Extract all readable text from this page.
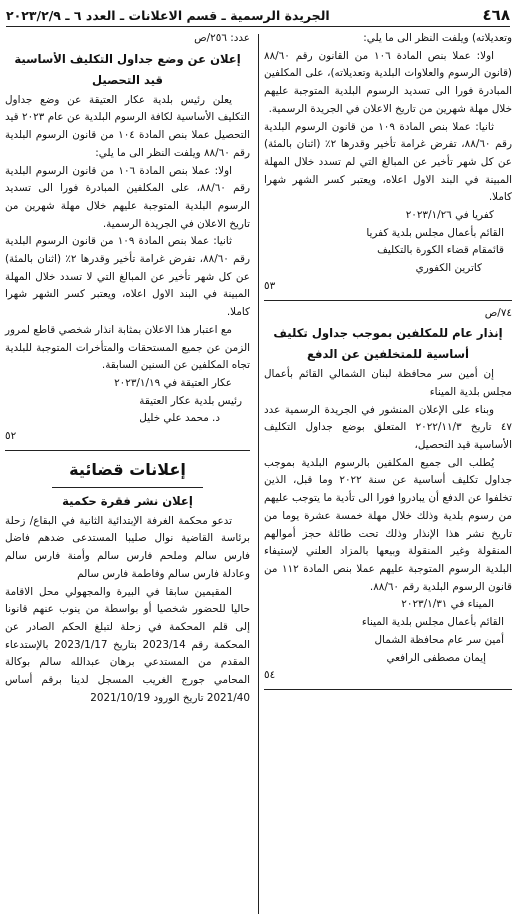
٤٦٨
الجريدة الرسمية ـ قسم الاعلانات ـ العدد ٦ ـ ٢٠٢٣/٢/٩

وتعديلاته) ويلفت النظر الى ما يلي:

اولا: عملا بنص المادة ١٠٦ من القانون رقم ٨٨/٦٠ (قانون الرسوم والعلاوات البلدية وتعديلاته)، على المكلفين المبادرة فورا الى تسديد الرسوم البلدية المتوجبة عليهم خلال مهلة شهرين من تاريخ الاعلان في الجريدة الرسمية.

ثانيا: عملا بنص المادة ١٠٩ من قانون الرسوم البلدية رقم ٨٨/٦٠، تفرض غرامة تأخير وقدرها ٢٪ (اثنان بالمئة) عن كل شهر تأخير عن المبالغ التي لم تسدد خلال المهلة المبينة في البند الاول اعلاه، ويعتبر كسر الشهر شهرا كاملا.

كفريا في ٢٠٢٣/١/٢٦

القائم بأعمال مجلس بلدية كفريا

قائمقام قضاء الكورة بالتكليف

كاترين الكفوري

٥٣

٧٤/ص

إنذار عام للمكلفين بموجب جداول تكليف

أساسية للمتخلفين عن الدفع

إن أمين سر محافظة لبنان الشمالي القائم بأعمال مجلس بلدية الميناء

وبناء على الإعلان المنشور في الجريدة الرسمية عدد ٤٧ تاريخ ٢٠٢٢/١١/٣ المتعلق بوضع جداول التكليف الأساسية قيد التحصيل،

يُطلب الى جميع المكلفين بالرسوم البلدية بموجب جداول تكليف أساسية عن سنة ٢٠٢٢ وما قبل، الذين تخلفوا عن الدفع أن يبادروا فورا الى تأدية ما يتوجب عليهم من رسوم بلدية وذلك خلال مهلة خمسة عشرة يوما من تاريخ نشر هذا الإنذار وذلك تحت طائلة حجز أموالهم المنقولة وغير المنقولة وبيعها بالمزاد العلني لإستيفاء البلدية الرسوم المتوجبة عليهم عملا بنص المادة ١١٢ من قانون الرسوم البلدية رقم ٨٨/٦٠.

الميناء في ٢٠٢٣/١/٣١

القائم بأعمال مجلس بلدية الميناء

أمين سر عام محافظة الشمال

إيمان مصطفى الرافعي

٥٤

عدد: ٢٥٦/ص

إعلان عن وضع جداول التكليف الأساسية

قيد التحصيل

يعلن رئيس بلدية عكار العتيقة عن وضع جداول التكليف الأساسية لكافة الرسوم البلدية عن عام ٢٠٢٣ قيد التحصيل عملا بنص المادة ١٠٤ من قانون الرسوم البلدية رقم ٨٨/٦٠ ويلفت النظر الى ما يلي:

اولا: عملا بنص المادة ١٠٦ من قانون الرسوم البلدية رقم ٨٨/٦٠، على المكلفين المبادرة فورا الى تسديد الرسوم البلدية المتوجبة عليهم خلال مهلة شهرين من تاريخ الاعلان في الجريدة الرسمية.

ثانيا: عملا بنص المادة ١٠٩ من قانون الرسوم البلدية رقم ٨٨/٦٠، تفرض غرامة تأخير وقدرها ٢٪ (اثنان بالمئة) عن كل شهر تأخير عن المبالغ التي لا تسدد خلال المهلة المبينة في البند الاول اعلاه، ويعتبر كسر الشهر شهرا كاملا.

مع اعتبار هذا الاعلان بمثابة انذار شخصي قاطع لمرور الزمن عن جميع المستحقات والمتأخرات المتوجبة للبلدية تجاه المكلفين عن السنين السابقة.

عكار العتيقة في ٢٠٢٣/١/١٩

رئيس بلدية عكار العتيقة

د. محمد علي خليل

٥٢

إعلانات قضائية

إعلان نشر فقرة حكمية

تدعو محكمة الغرفة الإبتدائية الثانية في البقاع/ زحلة برئاسة القاضية نوال صليبا المستدعى ضدهم فاضل فارس سالم وملحم فارس سالم وأمنة فارس سالم وعادلة فارس سالم وفاطمة فارس سالم

المقيمين سابقا في البيرة والمجهولي محل الاقامة حاليا للحضور شخصيا أو بواسطة من ينوب عنهم قانونا إلى قلم المحكمة في زحلة لتبلغ الحكم الصادر عن المحكمة رقم 2023/14 بتاريخ 2023/1/17 بالإستدعاء المقدم من المستدعي برهان عبدالله سالم بوكالة المحامي جورج الغريب المسجل لدينا برقم أساس 2021/40 تاريخ الورود 2021/10/19
